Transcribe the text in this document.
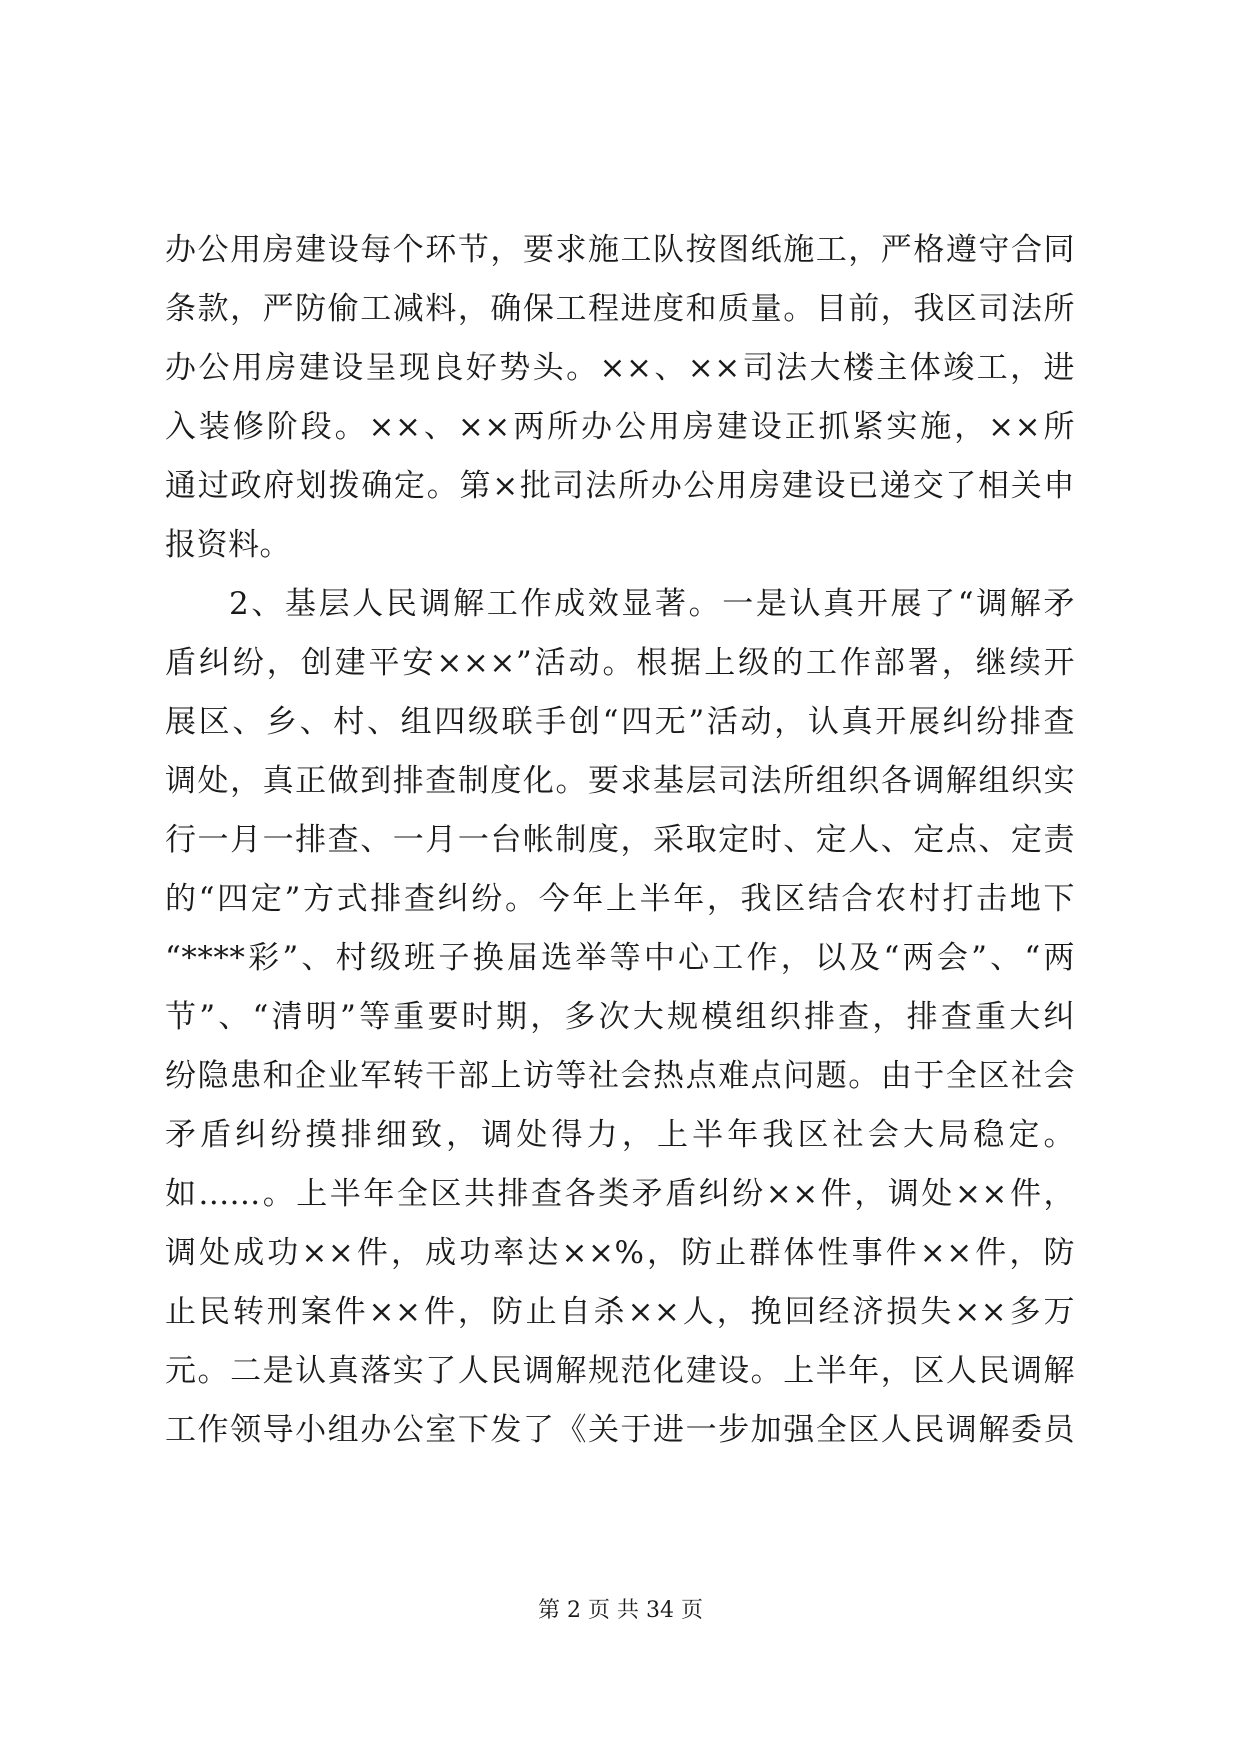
办公用房建设每个环节，要求施工队按图纸施工，严格遵守合同
条款，严防偷工减料，确保工程进度和质量。目前，我区司法所
办公用房建设呈现良好势头。××、××司法大楼主体竣工，进
入装修阶段。××、××两所办公用房建设正抓紧实施，××所
通过政府划拨确定。第×批司法所办公用房建设已递交了相关申
报资料。
2、基层人民调解工作成效显著。一是认真开展了“调解矛
盾纠纷，创建平安×××”活动。根据上级的工作部署，继续开
展区、乡、村、组四级联手创“四无”活动，认真开展纠纷排查
调处，真正做到排查制度化。要求基层司法所组织各调解组织实
行一月一排查、一月一台帐制度，采取定时、定人、定点、定责
的“四定”方式排查纠纷。今年上半年，我区结合农村打击地下
“****彩”、村级班子换届选举等中心工作，以及“两会”、“两
节”、“清明”等重要时期，多次大规模组织排查，排查重大纠
纷隐患和企业军转干部上访等社会热点难点问题。由于全区社会
矛盾纠纷摸排细致，调处得力，上半年我区社会大局稳定。
如......。上半年全区共排查各类矛盾纠纷××件，调处××件，
调处成功××件，成功率达××%，防止群体性事件××件，防
止民转刑案件××件，防止自杀××人，挽回经济损失××多万
元。二是认真落实了人民调解规范化建设。上半年，区人民调解
工作领导小组办公室下发了《关于进一步加强全区人民调解委员
第 2 页 共 34 页
